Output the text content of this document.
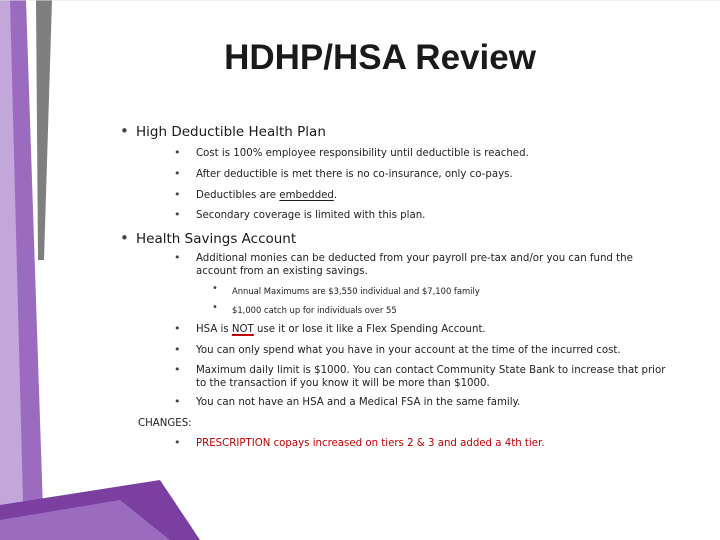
HDHP/HSA Review
• High Deductible Health Plan
• Cost is 100% employee responsibility until deductible is reached.
• After deductible is met there is no co-insurance, only co-pays.
• Deductibles are embedded.
• Secondary coverage is limited with this plan.
• Health Savings Account
• Additional monies can be deducted from your payroll pre-tax and/or you can fund the
account from an existing savings.
• Annual Maximums are $3,550 individual and $7,100 family
• $1,000 catch up for individuals over 55
• HSA is NOT use it or lose it like a Flex Spending Account.
• You can only spend what you have in your account at the time of the incurred cost.
• Maximum daily limit is $1000. You can contact Community State Bank to increase that prior
to the transaction if you know it will be more than $1000.
• You can not have an HSA and a Medical FSA in the same family.
CHANGES:
• PRESCRIPTION copays increased on tiers 2 & 3 and added a 4th tier.
